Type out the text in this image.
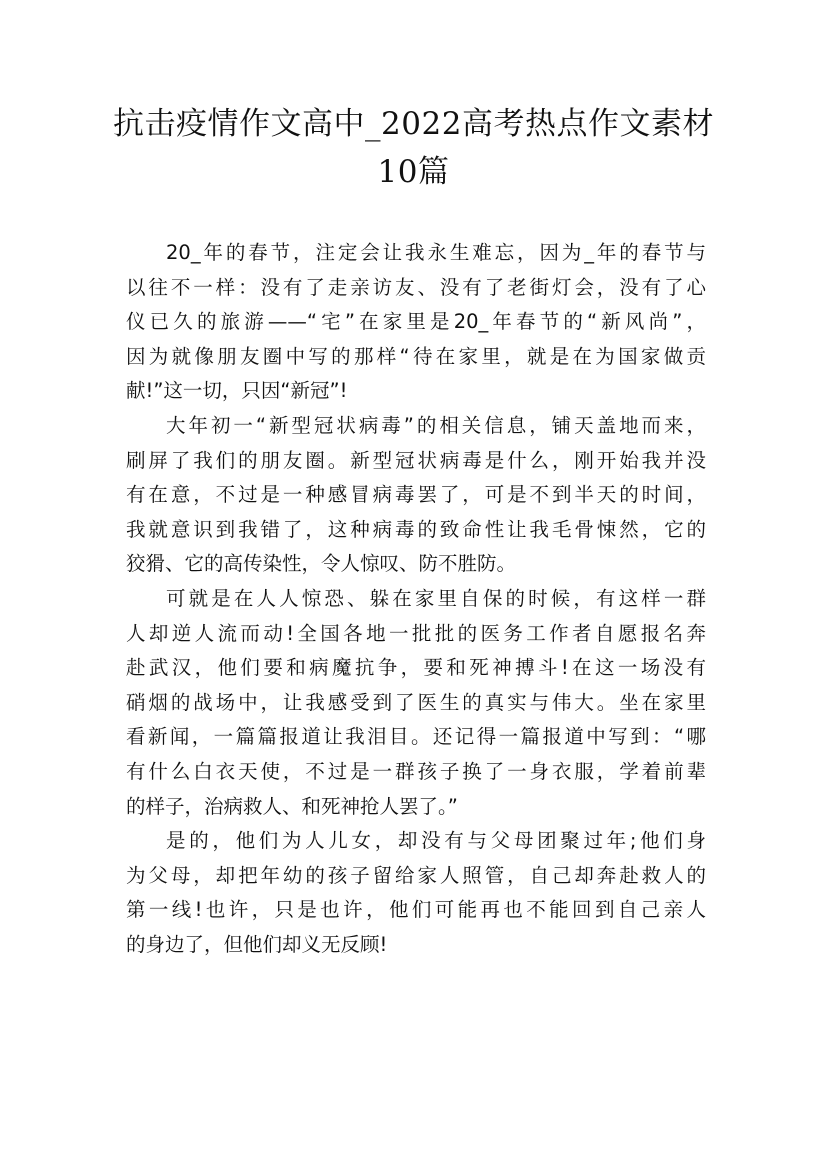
抗击疫情作文高中_2022高考热点作文素材
10篇
20_年的春节，注定会让我永生难忘，因为_年的春节与
以往不一样：没有了走亲访友、没有了老街灯会，没有了心
仪已久的旅游——“宅”在家里是20_年春节的“新风尚”，
因为就像朋友圈中写的那样“待在家里，就是在为国家做贡
献!”这一切，只因“新冠”!
大年初一“新型冠状病毒”的相关信息，铺天盖地而来，
刷屏了我们的朋友圈。新型冠状病毒是什么，刚开始我并没
有在意，不过是一种感冒病毒罢了，可是不到半天的时间，
我就意识到我错了，这种病毒的致命性让我毛骨悚然，它的
狡猾、它的高传染性，令人惊叹、防不胜防。
可就是在人人惊恐、躲在家里自保的时候，有这样一群
人却逆人流而动!全国各地一批批的医务工作者自愿报名奔
赴武汉，他们要和病魔抗争，要和死神搏斗!在这一场没有
硝烟的战场中，让我感受到了医生的真实与伟大。坐在家里
看新闻，一篇篇报道让我泪目。还记得一篇报道中写到：“哪
有什么白衣天使，不过是一群孩子换了一身衣服，学着前辈
的样子，治病救人、和死神抢人罢了。”
是的，他们为人儿女，却没有与父母团聚过年;他们身
为父母，却把年幼的孩子留给家人照管，自己却奔赴救人的
第一线!也许，只是也许，他们可能再也不能回到自己亲人
的身边了，但他们却义无反顾!
